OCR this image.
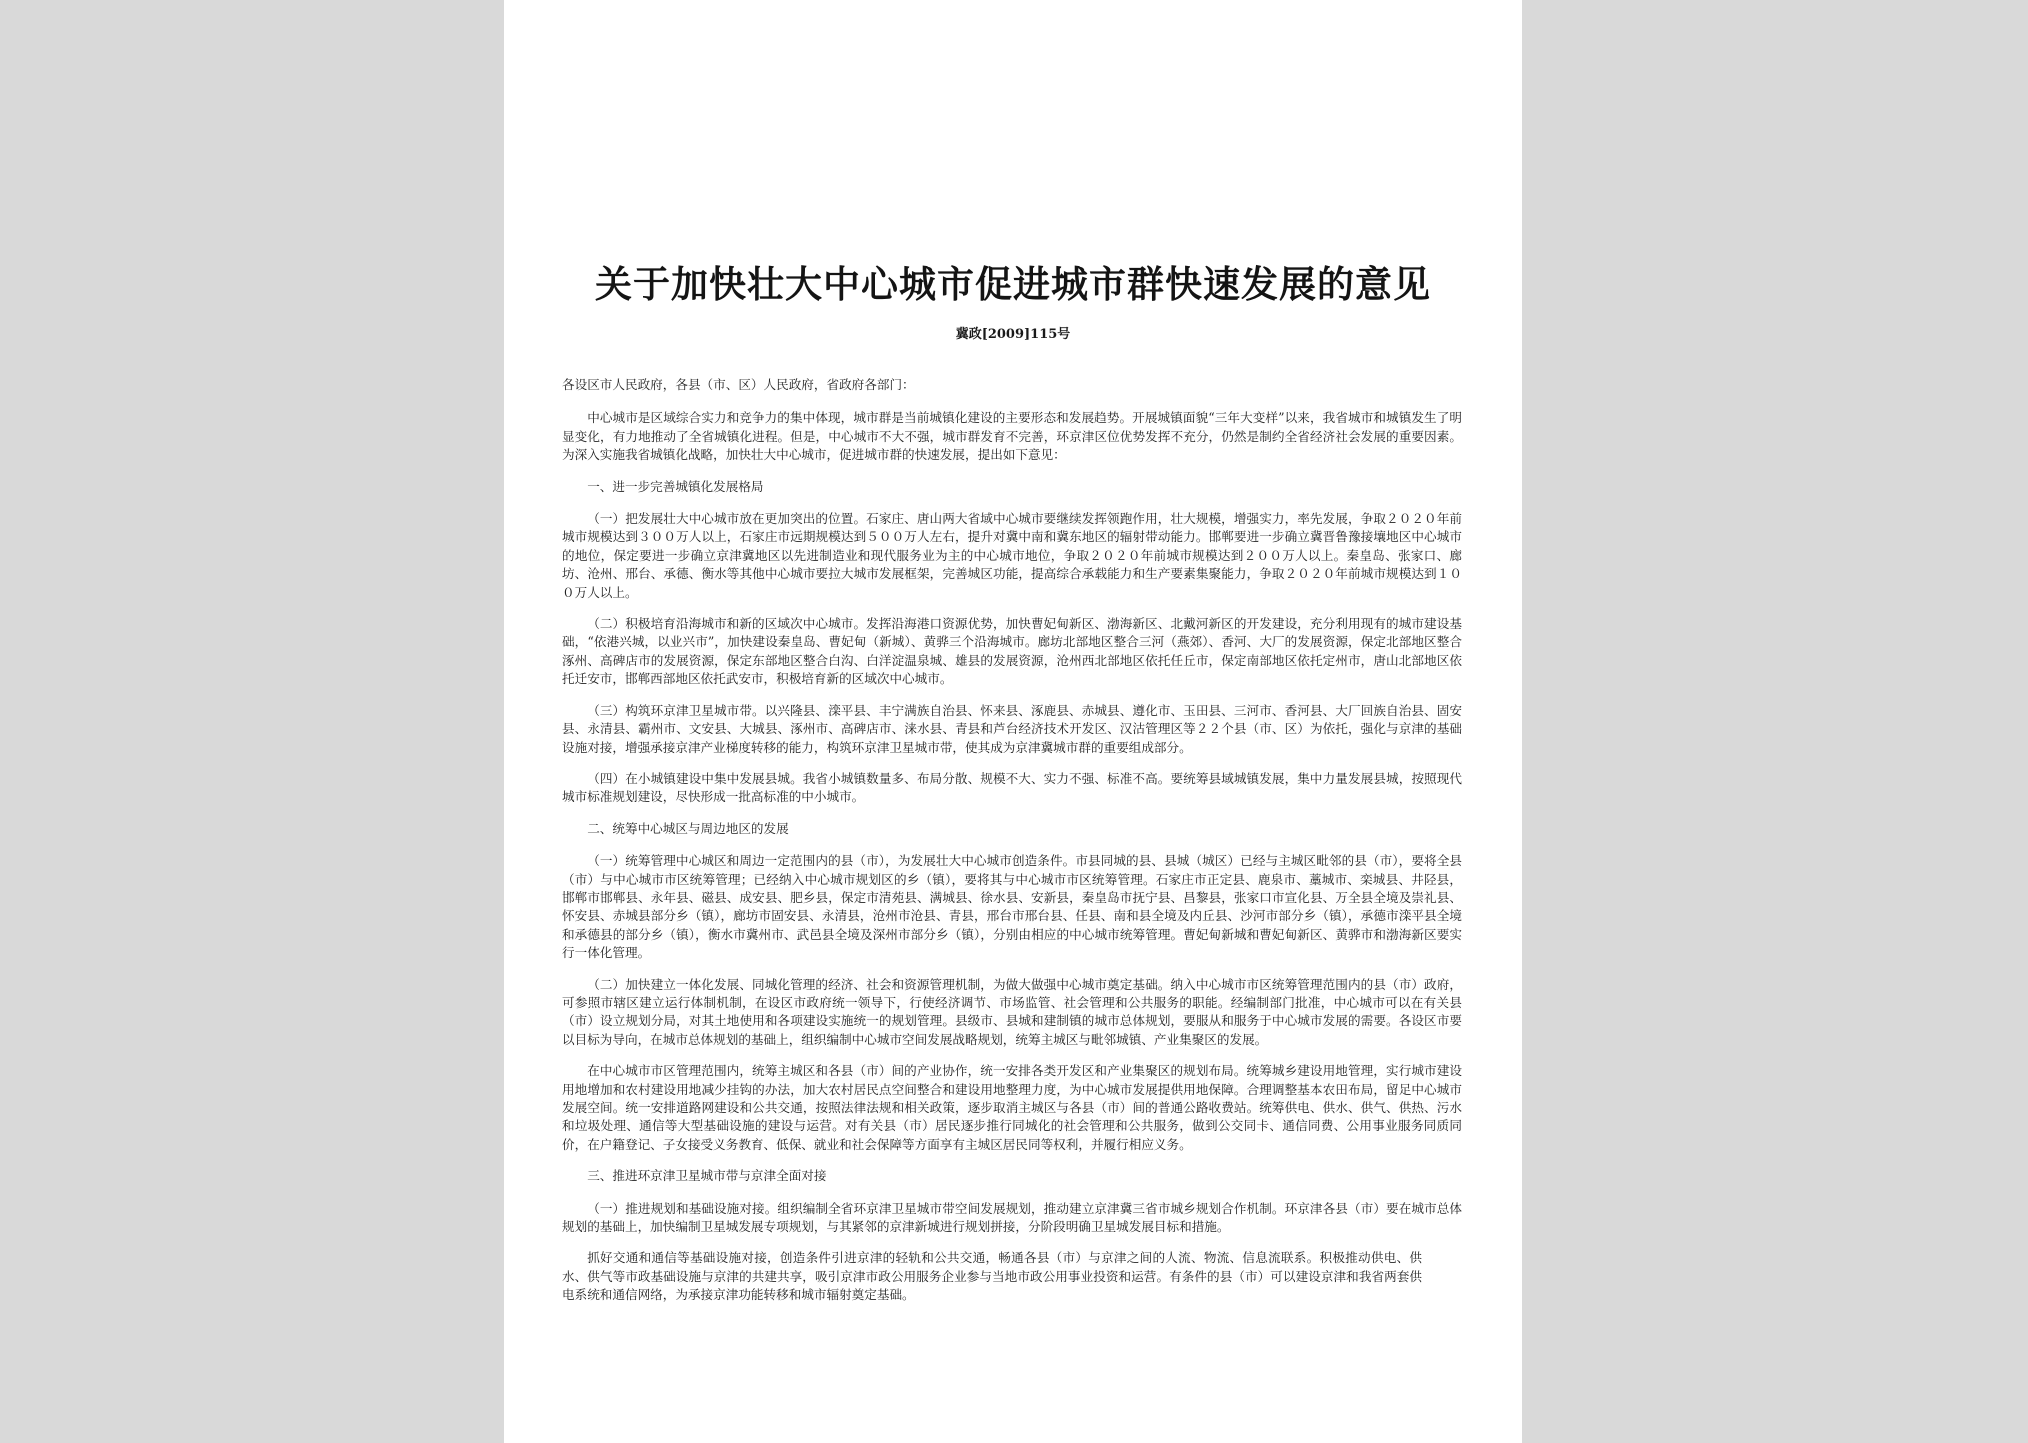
关于加快壮大中心城市促进城市群快速发展的意见
冀政[2009]115号

各设区市人民政府，各县（市、区）人民政府，省政府各部门：

中心城市是区域综合实力和竞争力的集中体现，城市群是当前城镇化建设的主要形态和发展趋势。开展城镇面貌“三年大变样”以来，我省城市和城镇发生了明显变化，有力地推动了全省城镇化进程。但是，中心城市不大不强，城市群发育不完善，环京津区位优势发挥不充分，仍然是制约全省经济社会发展的重要因素。为深入实施我省城镇化战略，加快壮大中心城市，促进城市群的快速发展，提出如下意见：

一、进一步完善城镇化发展格局

（一）把发展壮大中心城市放在更加突出的位置。石家庄、唐山两大省域中心城市要继续发挥领跑作用，壮大规模，增强实力，率先发展，争取２０２０年前城市规模达到３００万人以上，石家庄市远期规模达到５００万人左右，提升对冀中南和冀东地区的辐射带动能力。邯郸要进一步确立冀晋鲁豫接壤地区中心城市的地位，保定要进一步确立京津冀地区以先进制造业和现代服务业为主的中心城市地位，争取２０２０年前城市规模达到２００万人以上。秦皇岛、张家口、廊坊、沧州、邢台、承德、衡水等其他中心城市要拉大城市发展框架，完善城区功能，提高综合承载能力和生产要素集聚能力，争取２０２０年前城市规模达到１００万人以上。

（二）积极培育沿海城市和新的区域次中心城市。发挥沿海港口资源优势，加快曹妃甸新区、渤海新区、北戴河新区的开发建设，充分利用现有的城市建设基础，“依港兴城，以业兴市”，加快建设秦皇岛、曹妃甸（新城）、黄骅三个沿海城市。廊坊北部地区整合三河（燕郊）、香河、大厂的发展资源，保定北部地区整合涿州、高碑店市的发展资源，保定东部地区整合白沟、白洋淀温泉城、雄县的发展资源，沧州西北部地区依托任丘市，保定南部地区依托定州市，唐山北部地区依托迁安市，邯郸西部地区依托武安市，积极培育新的区域次中心城市。

（三）构筑环京津卫星城市带。以兴隆县、滦平县、丰宁满族自治县、怀来县、涿鹿县、赤城县、遵化市、玉田县、三河市、香河县、大厂回族自治县、固安县、永清县、霸州市、文安县、大城县、涿州市、高碑店市、涞水县、青县和芦台经济技术开发区、汉沽管理区等２２个县（市、区）为依托，强化与京津的基础设施对接，增强承接京津产业梯度转移的能力，构筑环京津卫星城市带，使其成为京津冀城市群的重要组成部分。

（四）在小城镇建设中集中发展县城。我省小城镇数量多、布局分散、规模不大、实力不强、标准不高。要统筹县域城镇发展，集中力量发展县城，按照现代城市标准规划建设，尽快形成一批高标准的中小城市。

二、统筹中心城区与周边地区的发展

（一）统筹管理中心城区和周边一定范围内的县（市），为发展壮大中心城市创造条件。市县同城的县、县城（城区）已经与主城区毗邻的县（市），要将全县（市）与中心城市市区统筹管理；已经纳入中心城市规划区的乡（镇），要将其与中心城市市区统筹管理。石家庄市正定县、鹿泉市、藁城市、栾城县、井陉县，邯郸市邯郸县、永年县、磁县、成安县、肥乡县，保定市清苑县、满城县、徐水县、安新县，秦皇岛市抚宁县、昌黎县，张家口市宣化县、万全县全境及崇礼县、怀安县、赤城县部分乡（镇），廊坊市固安县、永清县，沧州市沧县、青县，邢台市邢台县、任县、南和县全境及内丘县、沙河市部分乡（镇），承德市滦平县全境和承德县的部分乡（镇），衡水市冀州市、武邑县全境及深州市部分乡（镇），分别由相应的中心城市统筹管理。曹妃甸新城和曹妃甸新区、黄骅市和渤海新区要实行一体化管理。

（二）加快建立一体化发展、同城化管理的经济、社会和资源管理机制，为做大做强中心城市奠定基础。纳入中心城市市区统筹管理范围内的县（市）政府，可参照市辖区建立运行体制机制，在设区市政府统一领导下，行使经济调节、市场监管、社会管理和公共服务的职能。经编制部门批准，中心城市可以在有关县（市）设立规划分局，对其土地使用和各项建设实施统一的规划管理。县级市、县城和建制镇的城市总体规划，要服从和服务于中心城市发展的需要。各设区市要以目标为导向，在城市总体规划的基础上，组织编制中心城市空间发展战略规划，统筹主城区与毗邻城镇、产业集聚区的发展。

在中心城市市区管理范围内，统筹主城区和各县（市）间的产业协作，统一安排各类开发区和产业集聚区的规划布局。统筹城乡建设用地管理，实行城市建设用地增加和农村建设用地减少挂钩的办法，加大农村居民点空间整合和建设用地整理力度，为中心城市发展提供用地保障。合理调整基本农田布局，留足中心城市发展空间。统一安排道路网建设和公共交通，按照法律法规和相关政策，逐步取消主城区与各县（市）间的普通公路收费站。统筹供电、供水、供气、供热、污水和垃圾处理、通信等大型基础设施的建设与运营。对有关县（市）居民逐步推行同城化的社会管理和公共服务，做到公交同卡、通信同费、公用事业服务同质同价，在户籍登记、子女接受义务教育、低保、就业和社会保障等方面享有主城区居民同等权利，并履行相应义务。

三、推进环京津卫星城市带与京津全面对接

（一）推进规划和基础设施对接。组织编制全省环京津卫星城市带空间发展规划，推动建立京津冀三省市城乡规划合作机制。环京津各县（市）要在城市总体规划的基础上，加快编制卫星城发展专项规划，与其紧邻的京津新城进行规划拼接，分阶段明确卫星城发展目标和措施。

抓好交通和通信等基础设施对接，创造条件引进京津的轻轨和公共交通，畅通各县（市）与京津之间的人流、物流、信息流联系。积极推动供电、供水、供气等市政基础设施与京津的共建共享，吸引京津市政公用服务企业参与当地市政公用事业投资和运营。有条件的县（市）可以建设京津和我省两套供电系统和通信网络，为承接京津功能转移和城市辐射奠定基础。
